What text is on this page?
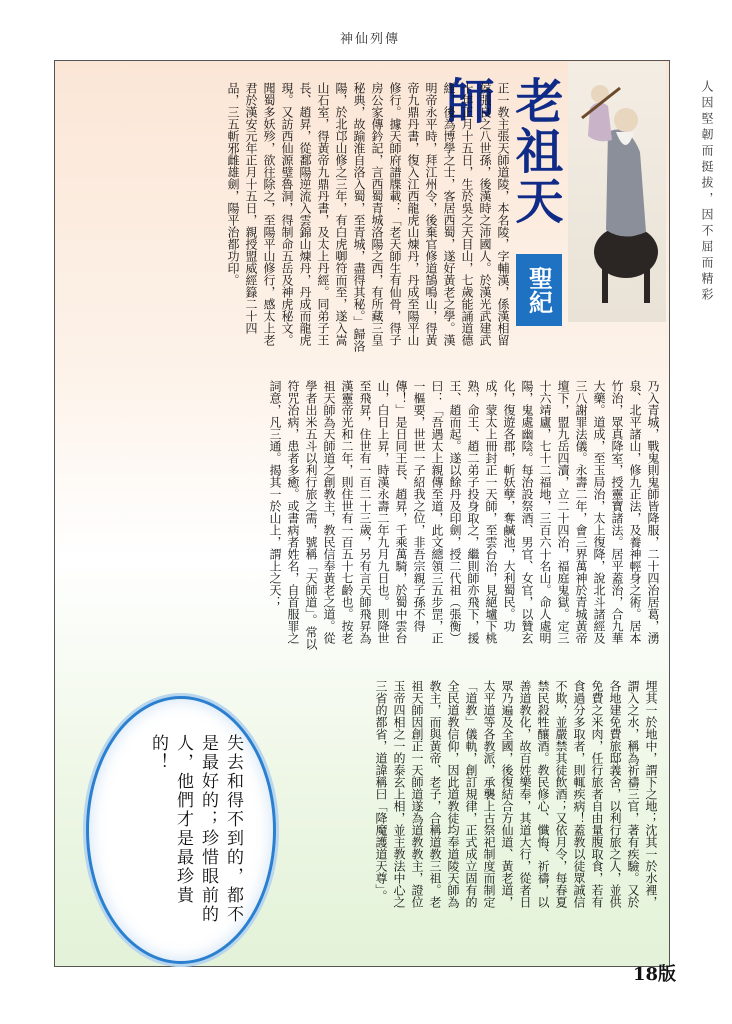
神仙列傳
人因堅韌而挺拔，因不屈而精彩
老祖天師
聖紀
正一教主張天師道陵，本名陵，字輔漢，係漢相留侯張良之八世孫，後漢時之沛國人。於漢光武建武十年正月十五日，生於吳之天目山，七歲能誦道德經，後為博學之士，客居西蜀，遂好黃老之學。漢明帝永平時，拜江州令，後棄官修道鵠鳴山，得黃帝九鼎丹書，復入江西龍虎山煉丹，丹成至陽平山修行。據天師府譜牒載：「老天師生有仙骨，得子房公家傳鈐記，言西蜀青城洛陽之西，有所藏三皇秘典，故踰淮自洛入蜀，至青城，盡得其秘。」歸洛陽，於北邙山修之三年，有白虎啣符而至，遂入嵩山石室，得黃帝九鼎丹書，及太上丹經。同弟子王長、趙昇，從鄱陽逆流入雲錦山煉丹，丹成而龍虎現。又訪西仙源璧魯洞，得制命五岳及神虎秘文。聞蜀多妖殄，欲往除之，至陽平山修行，感太上老君於漢安元年正月十五日，親授盟威經籙二十四品，三五斬邪雌雄劍，陽平治都功印。
乃入青城，戰鬼則鬼師皆降服，二十四治居葛，湧泉、北平諸山，修九正法，及養神輕身之術。居本竹治，眾真降室，授靈寶諸法。居平蓋治，合九華大藥。道成，至玉局治，太上復降，說北斗諸經及三八謝罪法儀。永壽二年，會三界萬神於青城黃帝壇下，盟九岳四瀆，立二十四治，福庭鬼獄。定三十六靖廬，七十二福地，三百六十名山。命人處明陽，鬼處幽陰。每治設祭酒、男官、女官，以贊玄化，復遊各郡，斬妖孽，奪鹹池，大利蜀民。功成，蒙太上冊封正一天師，至雲台治，見絕壚下桃熟，命王、趙二弟子投身取之，繼則師亦飛下，援王、趙而起。遂以餘丹及印劍，授二代祖（張衡）曰：「吾遇太上親傳至道，此文總領三五步罡，正一樞要，世世一子紹我之位，非吾宗親子孫不得傳！」是日同王長、趙昇，千乘萬騎，於蜀中雲台山，白日上昇，時漢永壽二年九月九日也。則降世至飛昇，住世有一百二十三歲，另有言天師飛昇為漢靈帝光和二年，則住世有一百五十七齡也。按老祖天師為天師道之創教主，教民信奉黃老之道。從學者出米五斗以利行旅之需，號稱「天師道」。常以符咒治病，患者多癒。或書病者姓名，自首服罪之詞意，凡三通。揭其一於山上，謂上之天；
埋其一於地中，謂下之地；沈其一於水裡，謂入之水，稱為祈禱三官，著有疾驗。又於各地建免費旅邸義舍，以利行旅之人，並供免費之米肉，任行旅者自由量腹取食，若有食過分多取者，則輒疾病！蓋教以徒眾誠信不欺，並嚴禁其徒飲酒；又依月令，每春夏禁民殺牲釀酒。教民修心、懺悔、祈禱，以善道教化，故百姓樂奉，其道大行，從者日眾乃遍及全國，後復結合方仙道、黃老道，太平道等各教派，承襲上古祭祀制度而制定「道教」儀軌，創訂規律，正式成立固有的全民道教信仰，因此道教徒均奉道陵天師為教主，而與黃帝、老子，合稱道教三祖。老祖天師因創正一天師道遂為道教教主，證位玉帝四相之一的泰玄上相，並主教法中心之三省的都省，道諱稱曰「降魔護道天尊」。
失去和得不到的，都不是最好的；珍惜眼前的人，他們才是最珍貴的！
18版
